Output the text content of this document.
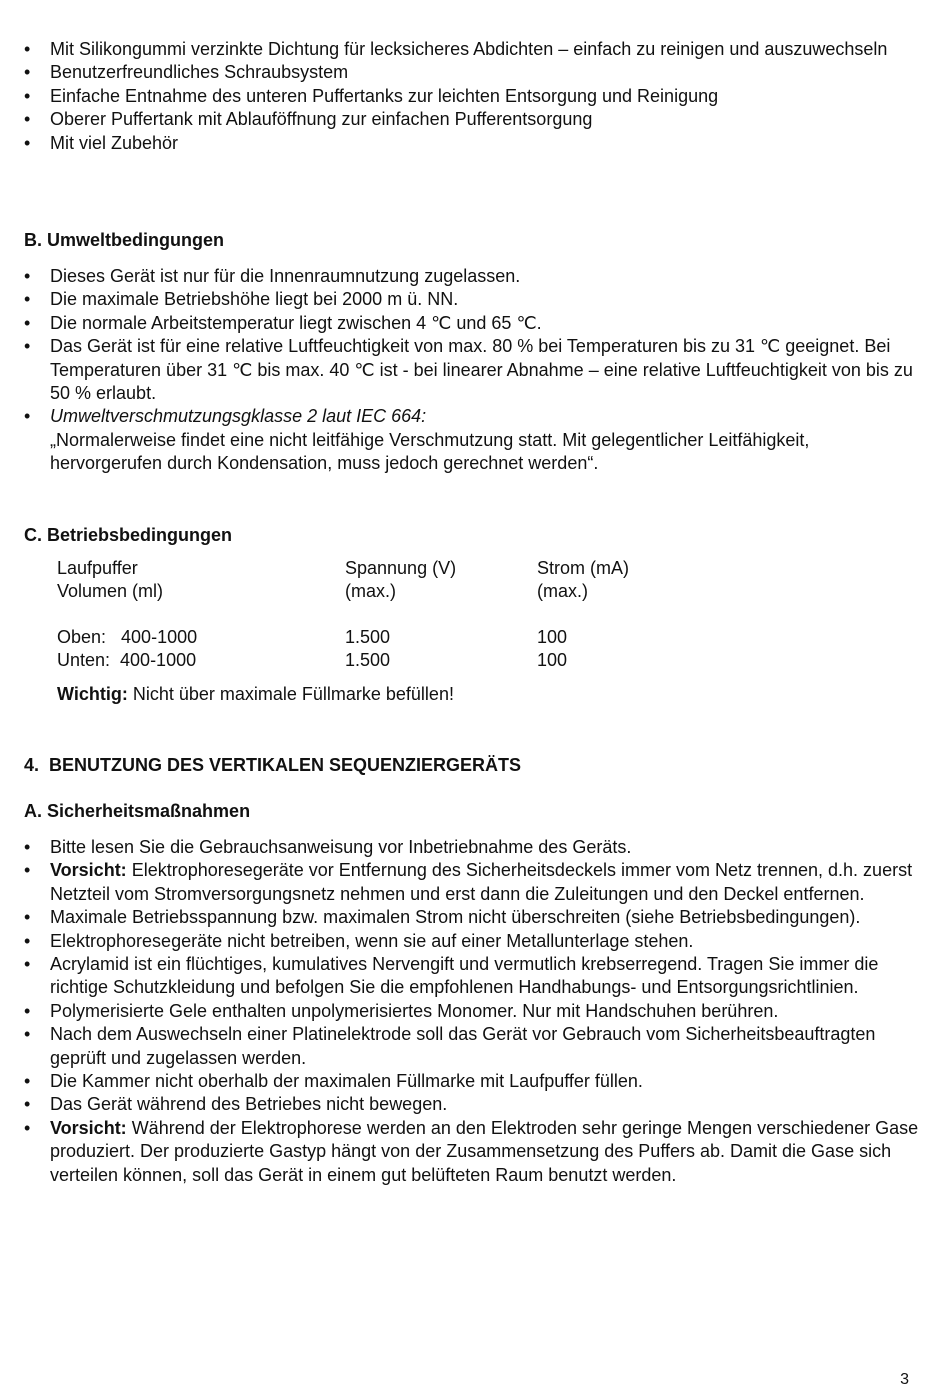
• Mit Silikongummi verzinkte Dichtung für lecksicheres Abdichten – einfach zu reinigen und auszuwechseln
• Benutzerfreundliches Schraubsystem
• Einfache Entnahme des unteren Puffertanks zur leichten Entsorgung und Reinigung
• Oberer Puffertank mit Ablauföffnung zur einfachen Pufferentsorgung
• Mit viel Zubehör
B. Umweltbedingungen
• Dieses Gerät ist nur für die Innenraumnutzung zugelassen.
• Die maximale Betriebshöhe liegt bei 2000 m ü. NN.
• Die normale Arbeitstemperatur liegt zwischen 4 ℃ und 65 ℃.
• Das Gerät ist für eine relative Luftfeuchtigkeit von max. 80 % bei Temperaturen bis zu 31 ℃ geeignet. Bei Temperaturen über 31 ℃ bis max. 40 ℃ ist - bei linearer Abnahme – eine relative Luftfeuchtigkeit von bis zu 50 % erlaubt.
• Umweltverschmutzungsgklasse 2 laut IEC 664:
„Normalerweise findet eine nicht leitfähige Verschmutzung statt. Mit gelegentlicher Leitfähigkeit, hervorgerufen durch Kondensation, muss jedoch gerechnet werden“.
C. Betriebsbedingungen
Laufpuffer	Spannung (V)	Strom (mA)
Volumen (ml)	(max.)	(max.)
Oben:   400-1000	1.500	100
Unten:  400-1000	1.500	100
Wichtig: Nicht über maximale Füllmarke befüllen!
4.  BENUTZUNG DES VERTIKALEN SEQUENZIERGERÄTS
A. Sicherheitsmaßnahmen
• Bitte lesen Sie die Gebrauchsanweisung vor Inbetriebnahme des Geräts.
• Vorsicht: Elektrophoresegeräte vor Entfernung des Sicherheitsdeckels immer vom Netz trennen, d.h. zuerst Netzteil vom Stromversorgungsnetz nehmen und erst dann die Zuleitungen und den Deckel entfernen.
• Maximale Betriebsspannung bzw. maximalen Strom nicht überschreiten (siehe Betriebsbedingungen).
• Elektrophoresegeräte nicht betreiben, wenn sie auf einer Metallunterlage stehen.
• Acrylamid ist ein flüchtiges, kumulatives Nervengift und vermutlich krebserregend. Tragen Sie immer die richtige Schutzkleidung und befolgen Sie die empfohlenen Handhabungs- und Entsorgungsrichtlinien.
• Polymerisierte Gele enthalten unpolymerisiertes Monomer. Nur mit Handschuhen berühren.
• Nach dem Auswechseln einer Platinelektrode soll das Gerät vor Gebrauch vom Sicherheitsbeauftragten geprüft und zugelassen werden.
• Die Kammer nicht oberhalb der maximalen Füllmarke mit Laufpuffer füllen.
• Das Gerät während des Betriebes nicht bewegen.
• Vorsicht: Während der Elektrophorese werden an den Elektroden sehr geringe Mengen verschiedener Gase produziert. Der produzierte Gastyp hängt von der Zusammensetzung des Puffers ab. Damit die Gase sich verteilen können, soll das Gerät in einem gut belüfteten Raum benutzt werden.
3
